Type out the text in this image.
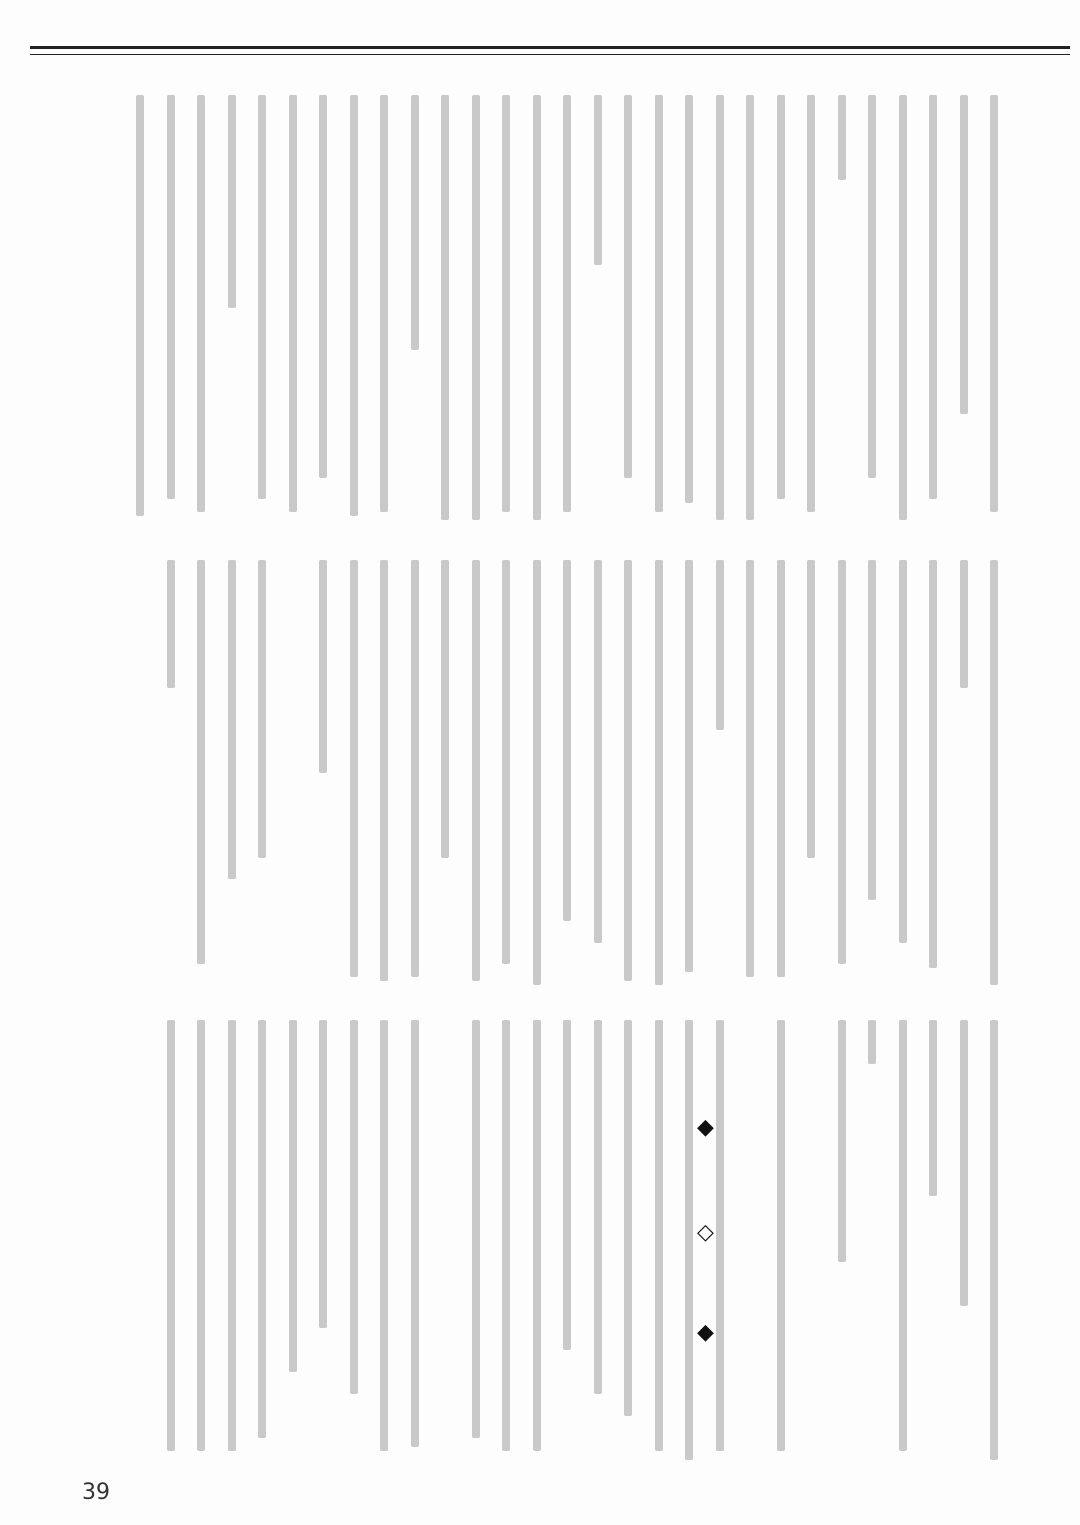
◆
◇
◆
39
